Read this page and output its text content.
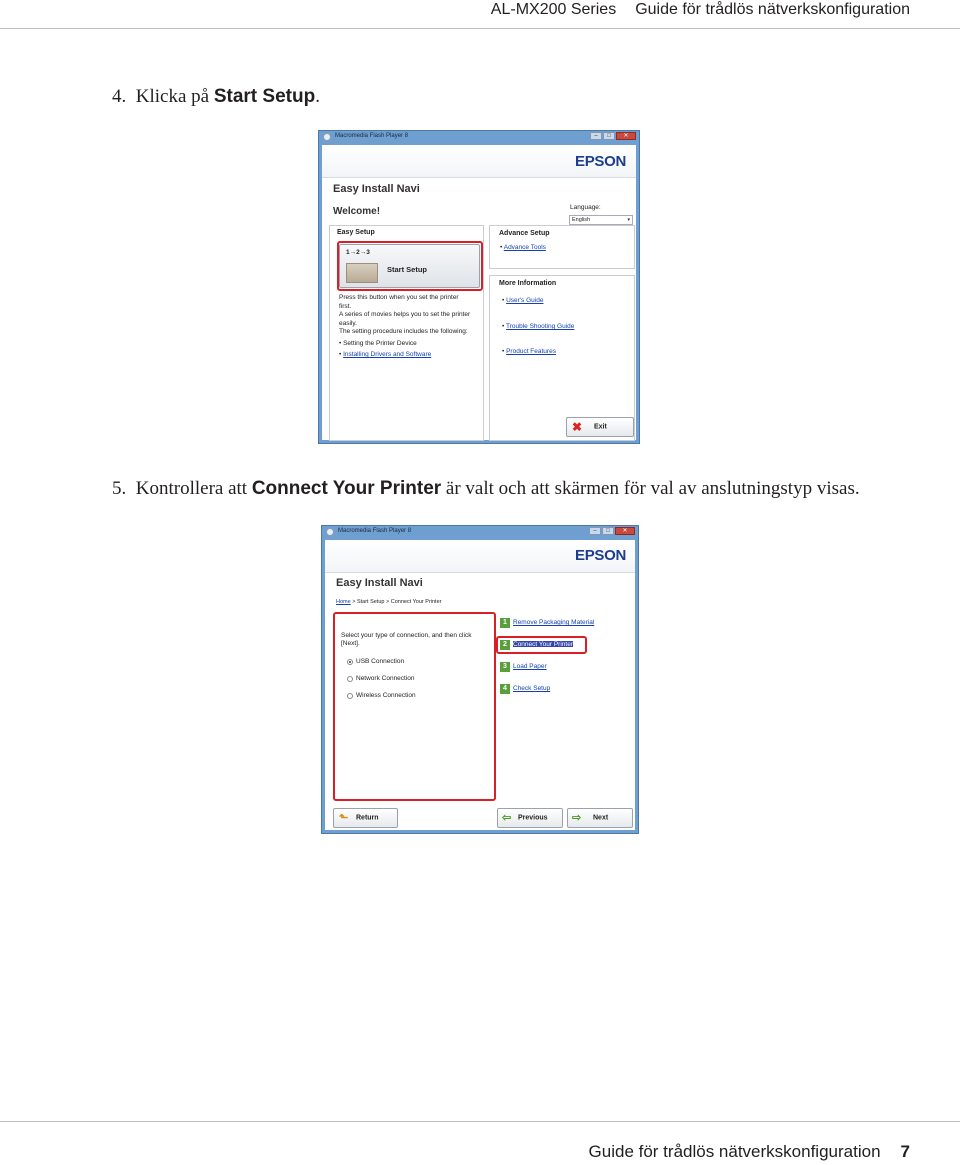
AL-MX200 Series Guide för trådlös nätverkskonfiguration
4. Klicka på Start Setup.
Macromedia Flash Player 8	–	□	✕
EPSON
Easy Install Navi
Welcome!
Easy Setup
1→2→3
Start Setup
Press this button when you set the printer
first.
A series of movies helps you to set the printer
easily.
The setting procedure includes the following:
• Setting the Printer Device
• Installing Drivers and Software
Language:
English	▾
Advance Setup
• Advance Tools
More Information
• User's Guide
• Trouble Shooting Guide
• Product Features
✖ Exit
5. Kontrollera att Connect Your Printer är valt och att skärmen för val av anslutningstyp visas.
Macromedia Flash Player 8	–	□	✕
EPSON
Easy Install Navi
Home > Start Setup > Connect Your Printer
Select your type of connection, and then click
[Next].
USB Connection
Network Connection
Wireless Connection
1 Remove Packaging Material
2 Connect Your Printer
3 Load Paper
4 Check Setup
⬑ Return	⇦ Previous ⇨ Next
Guide för trådlös nätverkskonfiguration 7
